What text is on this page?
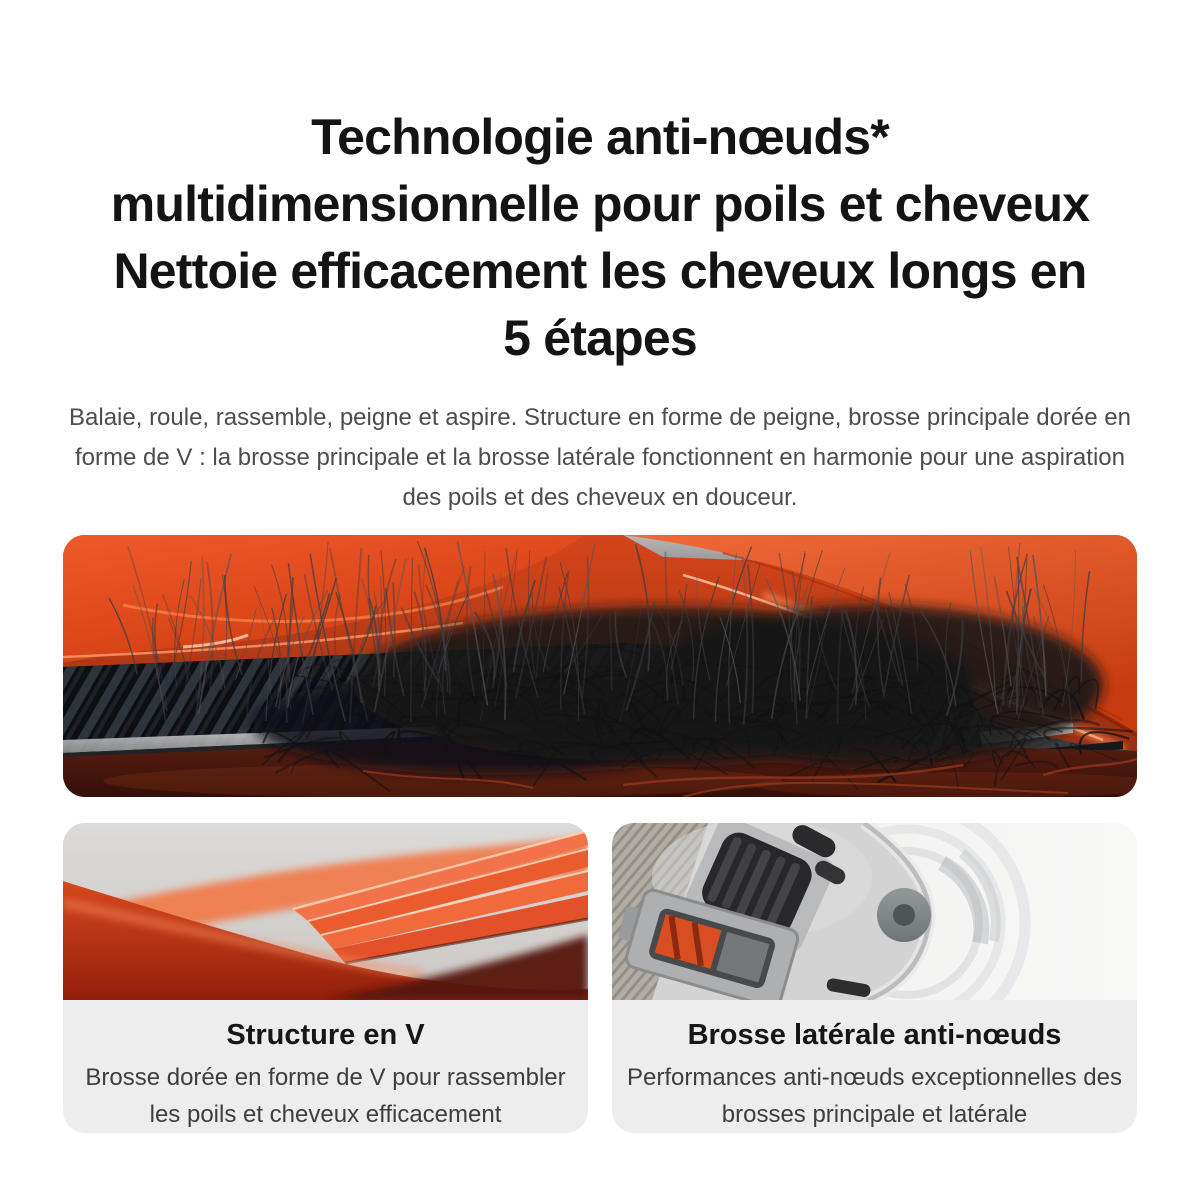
Technologie anti-nœuds*
multidimensionnelle pour poils et cheveux
Nettoie efficacement les cheveux longs en
5 étapes

Balaie, roule, rassemble, peigne et aspire. Structure en forme de peigne, brosse principale dorée en forme de V : la brosse principale et la brosse latérale fonctionnent en harmonie pour une aspiration des poils et des cheveux en douceur.

Structure en V

Brosse dorée en forme de V pour rassembler les poils et cheveux efficacement

Brosse latérale anti-nœuds

Performances anti-nœuds exceptionnelles des brosses principale et latérale
